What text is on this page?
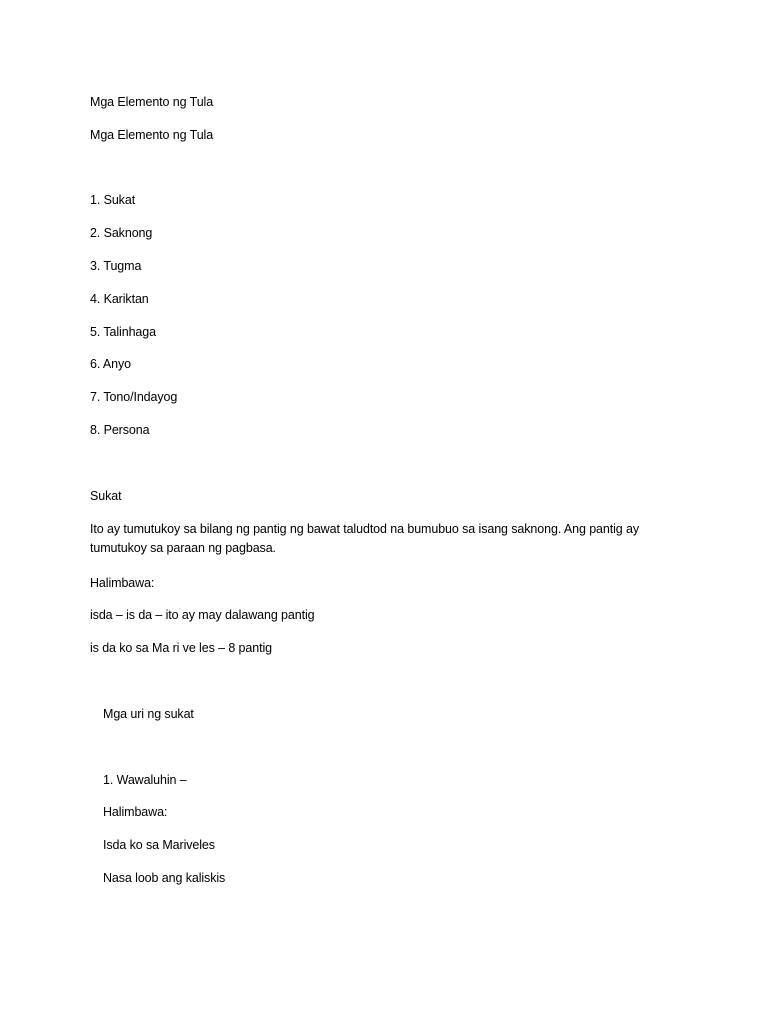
Mga Elemento ng Tula
Mga Elemento ng Tula
1. Sukat
2. Saknong
3. Tugma
4. Kariktan
5. Talinhaga
6. Anyo
7. Tono/Indayog
8. Persona
Sukat
Ito ay tumutukoy sa bilang ng pantig ng bawat taludtod na bumubuo sa isang saknong. Ang pantig ay tumutukoy sa paraan ng pagbasa.
Halimbawa:
isda – is da – ito ay may dalawang pantig
is da ko sa Ma ri ve les – 8 pantig
Mga uri ng sukat
1. Wawaluhin –
Halimbawa:
Isda ko sa Mariveles
Nasa loob ang kaliskis
